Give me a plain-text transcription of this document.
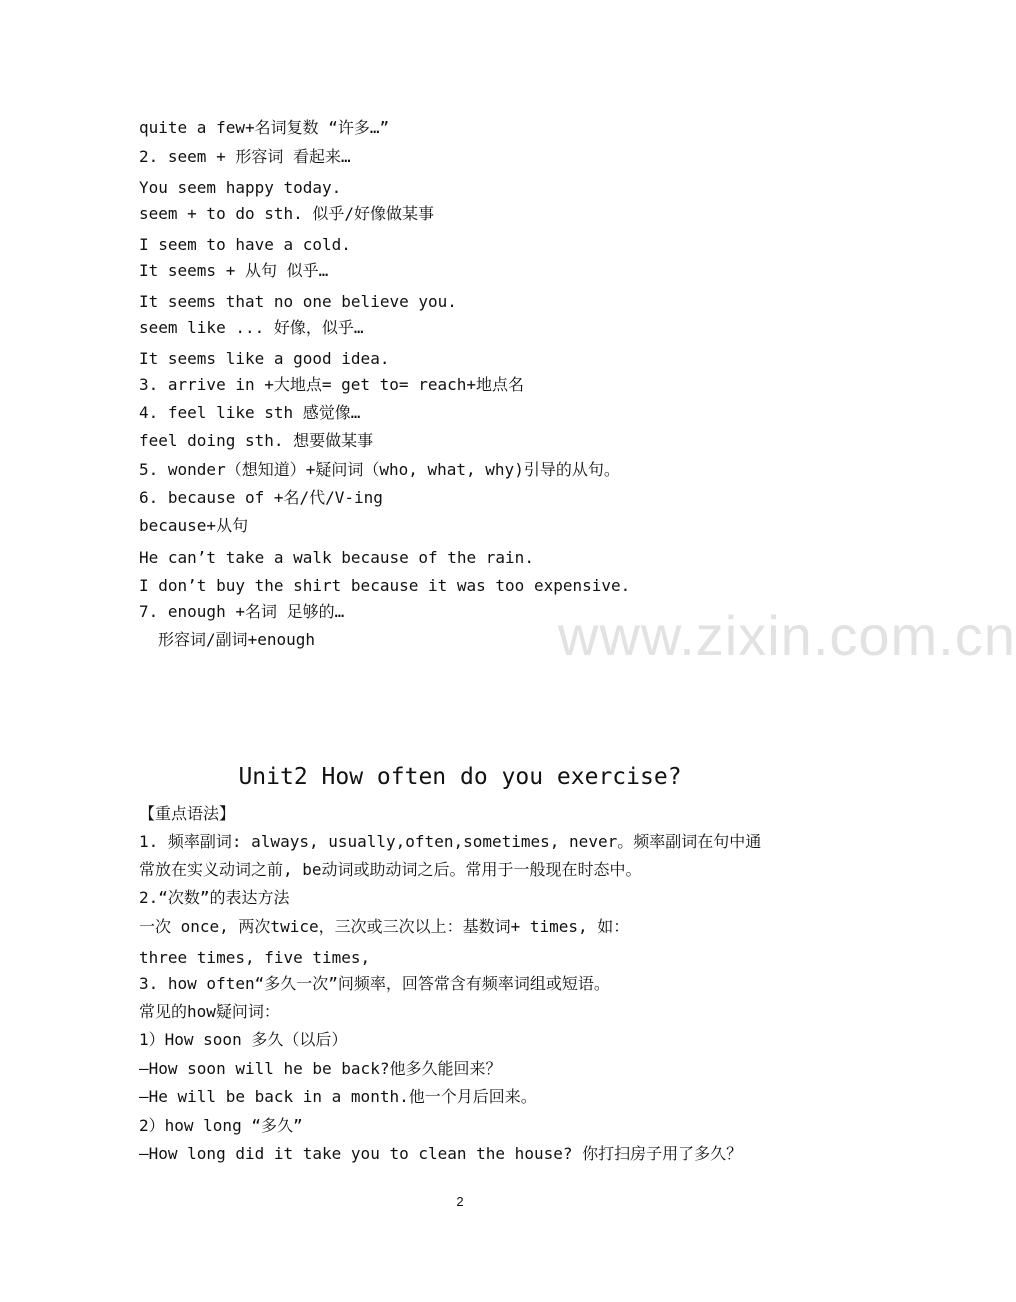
www.zixin.com.cn
quite a few+名词复数 “许多…”
2. seem + 形容词 看起来…
You seem happy today.
seem + to do sth. 似乎/好像做某事
I seem to have a cold.
It seems + 从句 似乎…
It seems that no one believe you.
seem like ... 好像，似乎…
It seems like a good idea.
3. arrive in +大地点= get to= reach+地点名
4. feel like sth 感觉像…
feel doing sth. 想要做某事
5. wonder（想知道）+疑问词（who, what, why)引导的从句。
6. because of +名/代/V-ing
because+从句
He can’t take a walk because of the rain.
I don’t buy the shirt because it was too expensive.
7. enough +名词 足够的…
形容词/副词+enough
Unit2 How often do you exercise?
【重点语法】
1. 频率副词: always, usually,often,sometimes, never。频率副词在句中通
常放在实义动词之前, be动词或助动词之后。常用于一般现在时态中。
2.“次数”的表达方法
一次 once, 两次twice，三次或三次以上：基数词+ times, 如：
three times, five times,
3. how often“多久一次”问频率，回答常含有频率词组或短语。
常见的how疑问词：
1）How soon 多久（以后）
—How soon will he be back?他多久能回来？
—He will be back in a month.他一个月后回来。
2）how long “多久”
—How long did it take you to clean the house? 你打扫房子用了多久？
2
